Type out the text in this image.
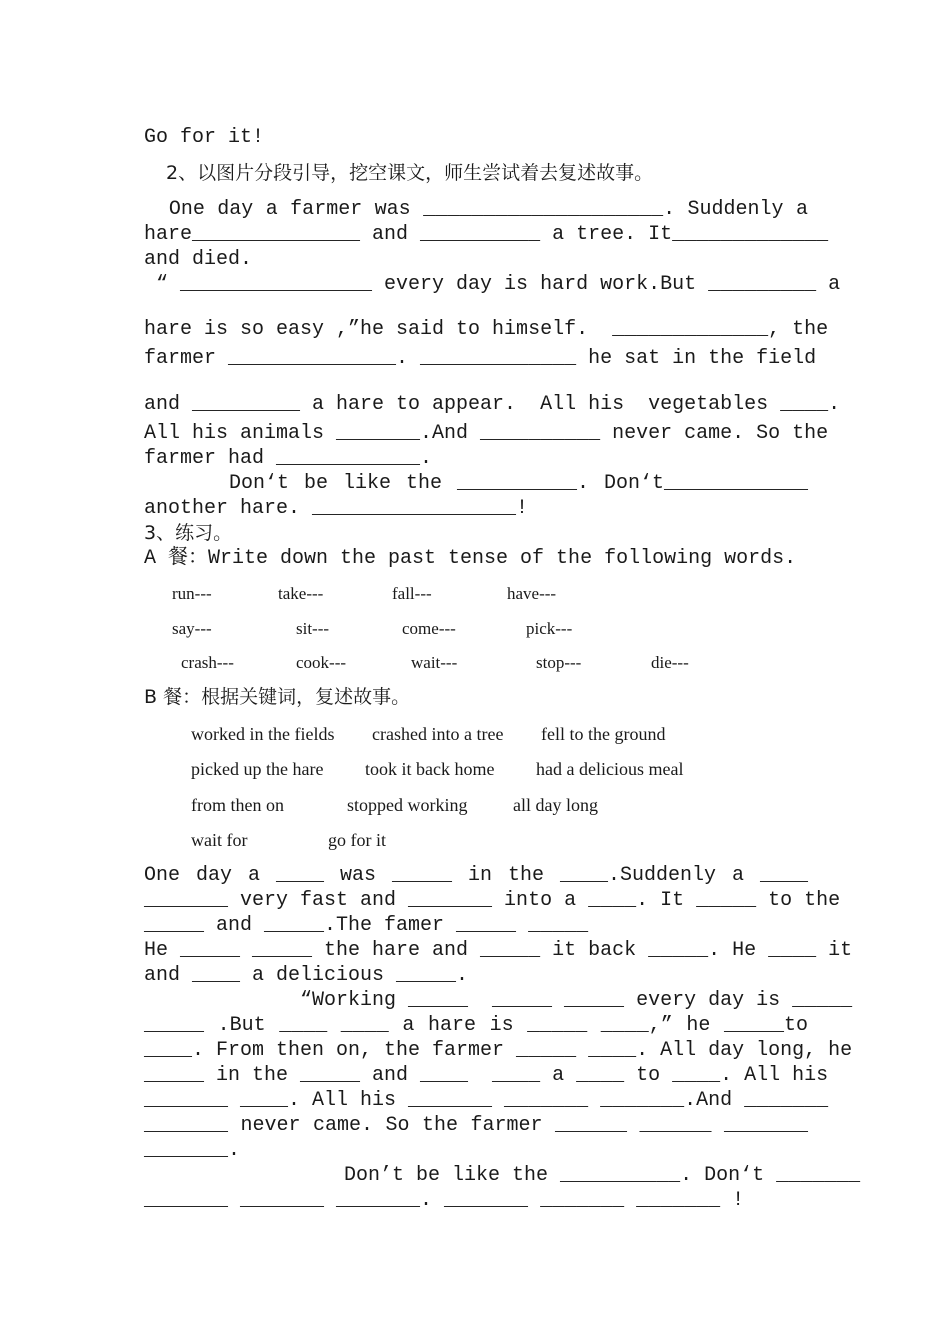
Go for it!
2、以图片分段引导，挖空课文，师生尝试着去复述故事。
One day a farmer was ____________________. Suddenly a
hare______________ and __________ a tree. It_____________
and died.
“ ________________ every day is hard work.But _________ a
hare is so easy ,”he said to himself.  _____________, the
farmer ______________. _____________ he sat in the field
and _________ a hare to appear.  All his  vegetables ____.
All his animals _______.And __________ never came. So the
farmer had ____________.
Don‘t be like the __________. Don‘t____________
another hare. _________________!
3、练习。
A 餐：Write down the past tense of the following words.
run---	take---	fall---	have---
say---	sit---	come---	pick---
crash---	cook---	wait---	stop---	die---
B 餐：根据关键词，复述故事。
worked in the fields crashed into a tree fell to the ground
picked up the hare took it back home had a delicious meal
from then on	stopped working	all day long
wait for	go for it
One day a ____ was _____ in the ____.Suddenly a ____
_______ very fast and _______ into a ____. It _____ to the
_____ and _____.The famer _____ _____
He _____ _____ the hare and _____ it back _____. He ____ it
and ____ a delicious _____.
“Working _____  _____ _____ every day is _____
_____ .But ____ ____ a hare is _____ ____,” he _____to
____. From then on, the farmer _____ ____. All day long, he
_____ in the _____ and ____  ____ a ____ to ____. All his
_______ ____. All his _______ _______ _______.And _______
_______ never came. So the farmer ______ ______ _______
_______.
Don’t be like the __________. Don‘t _______
_______ _______ _______. _______ _______ _______ !
